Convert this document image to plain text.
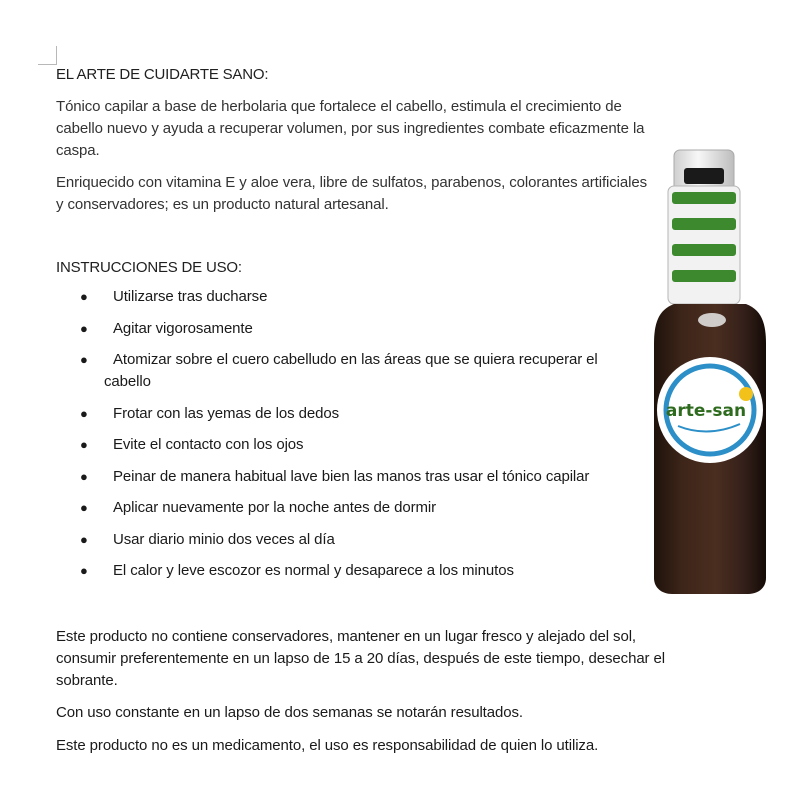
EL ARTE DE CUIDARTE SANO:

Tónico capilar a base de herbolaria que fortalece el cabello, estimula el crecimiento de cabello nuevo y ayuda a recuperar volumen, por sus ingredientes combate eficazmente la caspa.

Enriquecido con vitamina E y aloe vera, libre de sulfatos, parabenos, colorantes artificiales y conservadores; es un producto natural artesanal.

INSTRUCCIONES DE USO:
● Utilizarse tras ducharse
● Agitar vigorosamente
● Atomizar sobre el cuero cabelludo en las áreas que se quiera recuperar el
cabello
● Frotar con las yemas de los dedos
● Evite el contacto con los ojos
● Peinar de manera habitual lave bien las manos tras usar el tónico capilar
● Aplicar nuevamente por la noche antes de dormir
● Usar diario minio dos veces al día
● El calor y leve escozor es normal y desaparece a los minutos

Este producto no contiene conservadores, mantener en un lugar fresco y alejado del sol, consumir preferentemente en un lapso de 15 a 20 días, después de este tiempo, desechar el sobrante.

Con uso constante en un lapso de dos semanas se notarán resultados.

Este producto no es un medicamento, el uso es responsabilidad de quien lo utiliza.

arte-san
